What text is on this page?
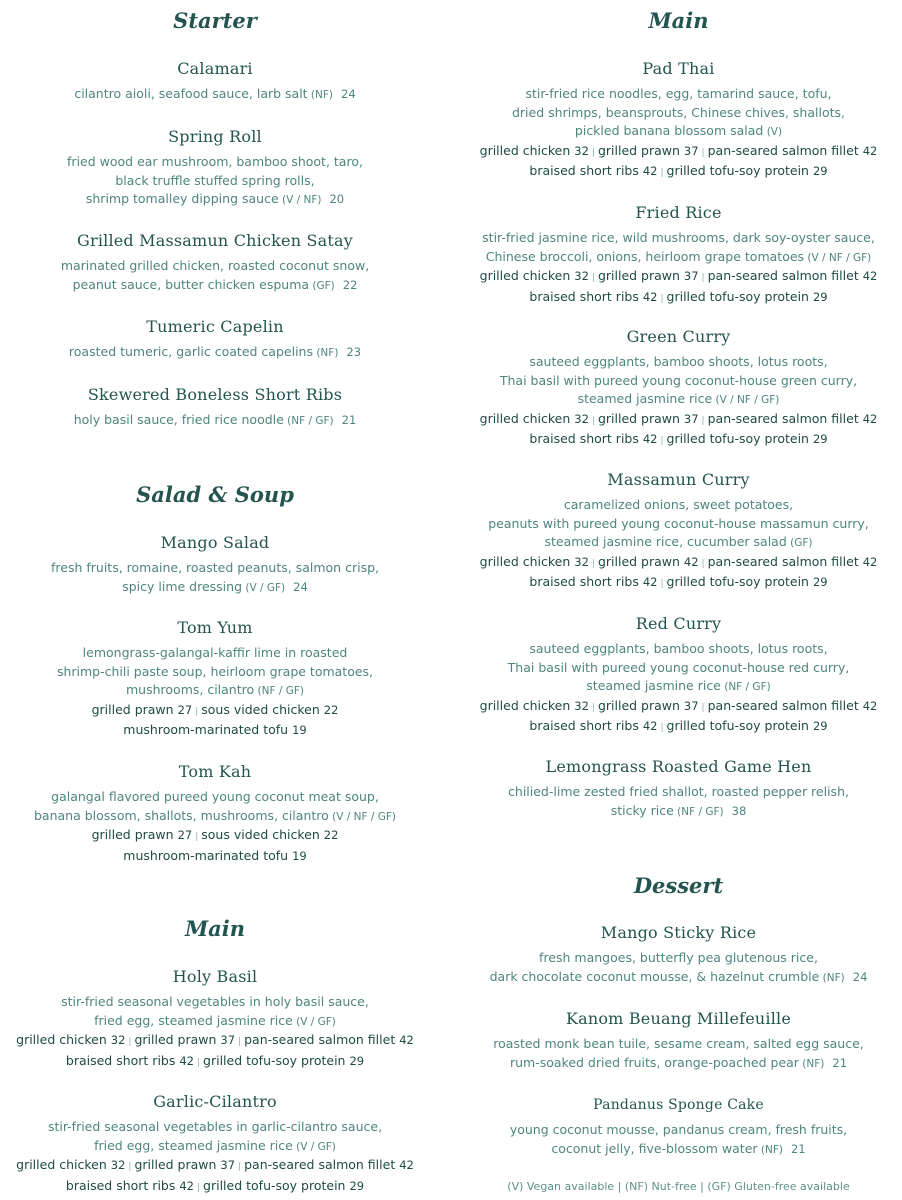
Starter
Calamari
cilantro aioli, seafood sauce, larb salt (NF) 24
Spring Roll
fried wood ear mushroom, bamboo shoot, taro,
black truffle stuffed spring rolls,
shrimp tomalley dipping sauce (V / NF) 20
Grilled Massamun Chicken Satay
marinated grilled chicken, roasted coconut snow,
peanut sauce, butter chicken espuma (GF) 22
Tumeric Capelin
roasted tumeric, garlic coated capelins (NF) 23
Skewered Boneless Short Ribs
holy basil sauce, fried rice noodle (NF / GF) 21
Salad & Soup
Mango Salad
fresh fruits, romaine, roasted peanuts, salmon crisp,
spicy lime dressing (V / GF) 24
Tom Yum
lemongrass-galangal-kaffir lime in roasted
shrimp-chili paste soup, heirloom grape tomatoes,
mushrooms, cilantro (NF / GF)
grilled prawn 27 | sous vided chicken 22
mushroom-marinated tofu 19
Tom Kah
galangal flavored pureed young coconut meat soup,
banana blossom, shallots, mushrooms, cilantro (V / NF / GF)
grilled prawn 27 | sous vided chicken 22
mushroom-marinated tofu 19
Main
Holy Basil
stir-fried seasonal vegetables in holy basil sauce,
fried egg, steamed jasmine rice (V / GF)
grilled chicken 32 | grilled prawn 37 | pan-seared salmon fillet 42
braised short ribs 42 | grilled tofu-soy protein 29
Garlic-Cilantro
stir-fried seasonal vegetables in garlic-cilantro sauce,
fried egg, steamed jasmine rice (V / GF)
grilled chicken 32 | grilled prawn 37 | pan-seared salmon fillet 42
braised short ribs 42 | grilled tofu-soy protein 29
Main
Pad Thai
stir-fried rice noodles, egg, tamarind sauce, tofu,
dried shrimps, beansprouts, Chinese chives, shallots,
pickled banana blossom salad (V)
grilled chicken 32 | grilled prawn 37 | pan-seared salmon fillet 42
braised short ribs 42 | grilled tofu-soy protein 29
Fried Rice
stir-fried jasmine rice, wild mushrooms, dark soy-oyster sauce,
Chinese broccoli, onions, heirloom grape tomatoes (V / NF / GF)
grilled chicken 32 | grilled prawn 37 | pan-seared salmon fillet 42
braised short ribs 42 | grilled tofu-soy protein 29
Green Curry
sauteed eggplants, bamboo shoots, lotus roots,
Thai basil with pureed young coconut-house green curry,
steamed jasmine rice (V / NF / GF)
grilled chicken 32 | grilled prawn 37 | pan-seared salmon fillet 42
braised short ribs 42 | grilled tofu-soy protein 29
Massamun Curry
caramelized onions, sweet potatoes,
peanuts with pureed young coconut-house massamun curry,
steamed jasmine rice, cucumber salad (GF)
grilled chicken 32 | grilled prawn 42 | pan-seared salmon fillet 42
braised short ribs 42 | grilled tofu-soy protein 29
Red Curry
sauteed eggplants, bamboo shoots, lotus roots,
Thai basil with pureed young coconut-house red curry,
steamed jasmine rice (NF / GF)
grilled chicken 32 | grilled prawn 37 | pan-seared salmon fillet 42
braised short ribs 42 | grilled tofu-soy protein 29
Lemongrass Roasted Game Hen
chilied-lime zested fried shallot, roasted pepper relish,
sticky rice (NF / GF) 38
Dessert
Mango Sticky Rice
fresh mangoes, butterfly pea glutenous rice,
dark chocolate coconut mousse, & hazelnut crumble (NF) 24
Kanom Beuang Millefeuille
roasted monk bean tuile, sesame cream, salted egg sauce,
rum-soaked dried fruits, orange-poached pear (NF) 21
Pandanus Sponge Cake
young coconut mousse, pandanus cream, fresh fruits,
coconut jelly, five-blossom water (NF) 21
(V) Vegan available | (NF) Nut-free | (GF) Gluten-free available
